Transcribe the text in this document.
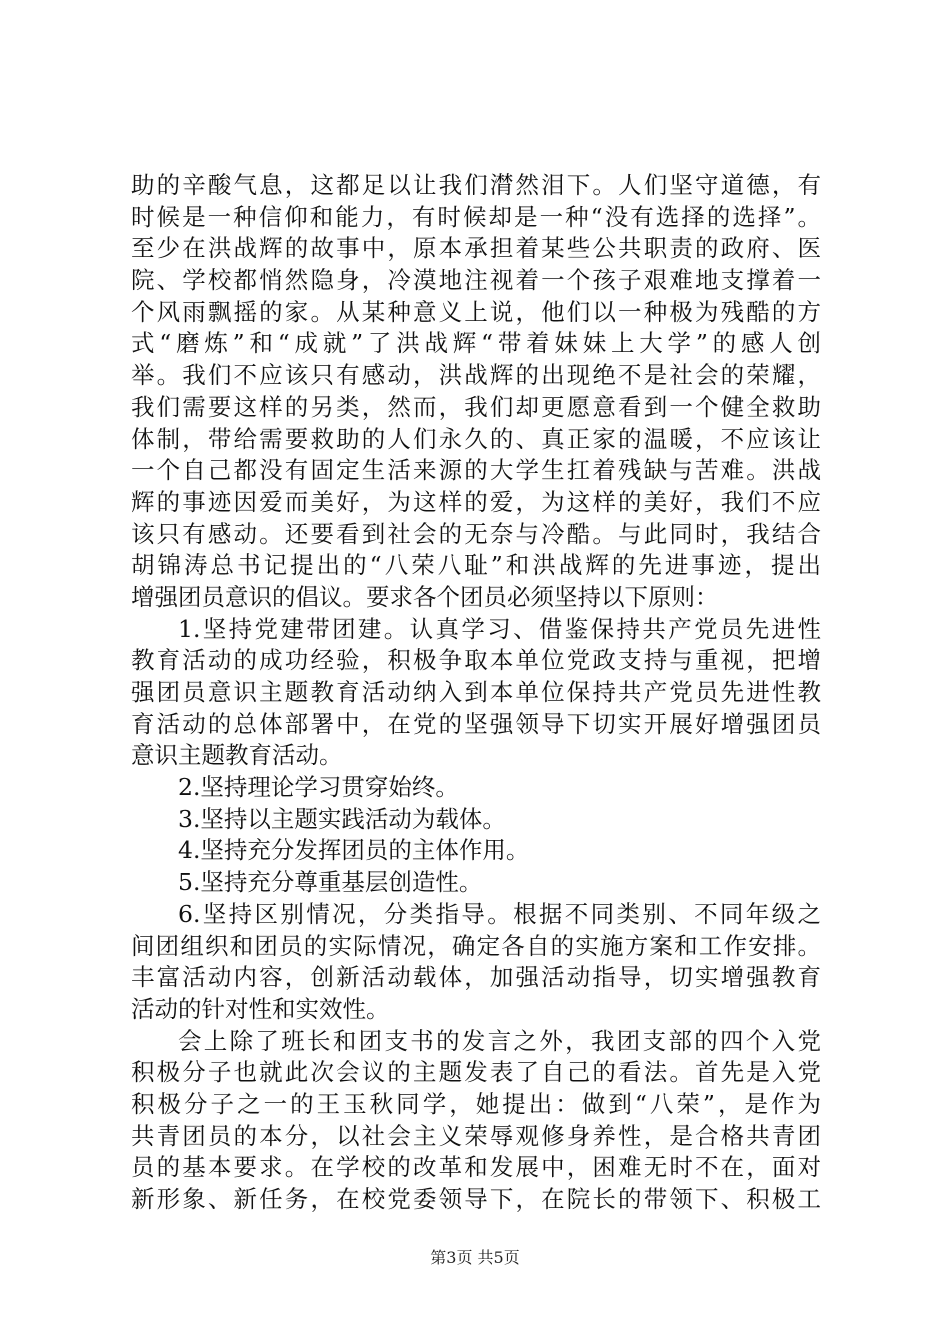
助的辛酸气息，这都足以让我们潸然泪下。人们坚守道德，有
时候是一种信仰和能力，有时候却是一种“没有选择的选择”。
至少在洪战辉的故事中，原本承担着某些公共职责的政府、医
院、学校都悄然隐身，冷漠地注视着一个孩子艰难地支撑着一
个风雨飘摇的家。从某种意义上说，他们以一种极为残酷的方
式“磨炼”和“成就”了洪战辉“带着妹妹上大学”的感人创
举。我们不应该只有感动，洪战辉的出现绝不是社会的荣耀，
我们需要这样的另类，然而，我们却更愿意看到一个健全救助
体制，带给需要救助的人们永久的、真正家的温暖，不应该让
一个自己都没有固定生活来源的大学生扛着残缺与苦难。洪战
辉的事迹因爱而美好，为这样的爱，为这样的美好，我们不应
该只有感动。还要看到社会的无奈与冷酷。与此同时，我结合
胡锦涛总书记提出的“八荣八耻”和洪战辉的先进事迹，提出
增强团员意识的倡议。要求各个团员必须坚持以下原则：
1.坚持党建带团建。认真学习、借鉴保持共产党员先进性
教育活动的成功经验，积极争取本单位党政支持与重视，把增
强团员意识主题教育活动纳入到本单位保持共产党员先进性教
育活动的总体部署中，在党的坚强领导下切实开展好增强团员
意识主题教育活动。
2.坚持理论学习贯穿始终。
3.坚持以主题实践活动为载体。
4.坚持充分发挥团员的主体作用。
5.坚持充分尊重基层创造性。
6.坚持区别情况，分类指导。根据不同类别、不同年级之
间团组织和团员的实际情况，确定各自的实施方案和工作安排。
丰富活动内容，创新活动载体，加强活动指导，切实增强教育
活动的针对性和实效性。
会上除了班长和团支书的发言之外，我团支部的四个入党
积极分子也就此次会议的主题发表了自己的看法。首先是入党
积极分子之一的王玉秋同学，她提出：做到“八荣”，是作为
共青团员的本分，以社会主义荣辱观修身养性，是合格共青团
员的基本要求。在学校的改革和发展中，困难无时不在，面对
新形象、新任务，在校党委领导下，在院长的带领下、积极工
第3页 共5页
